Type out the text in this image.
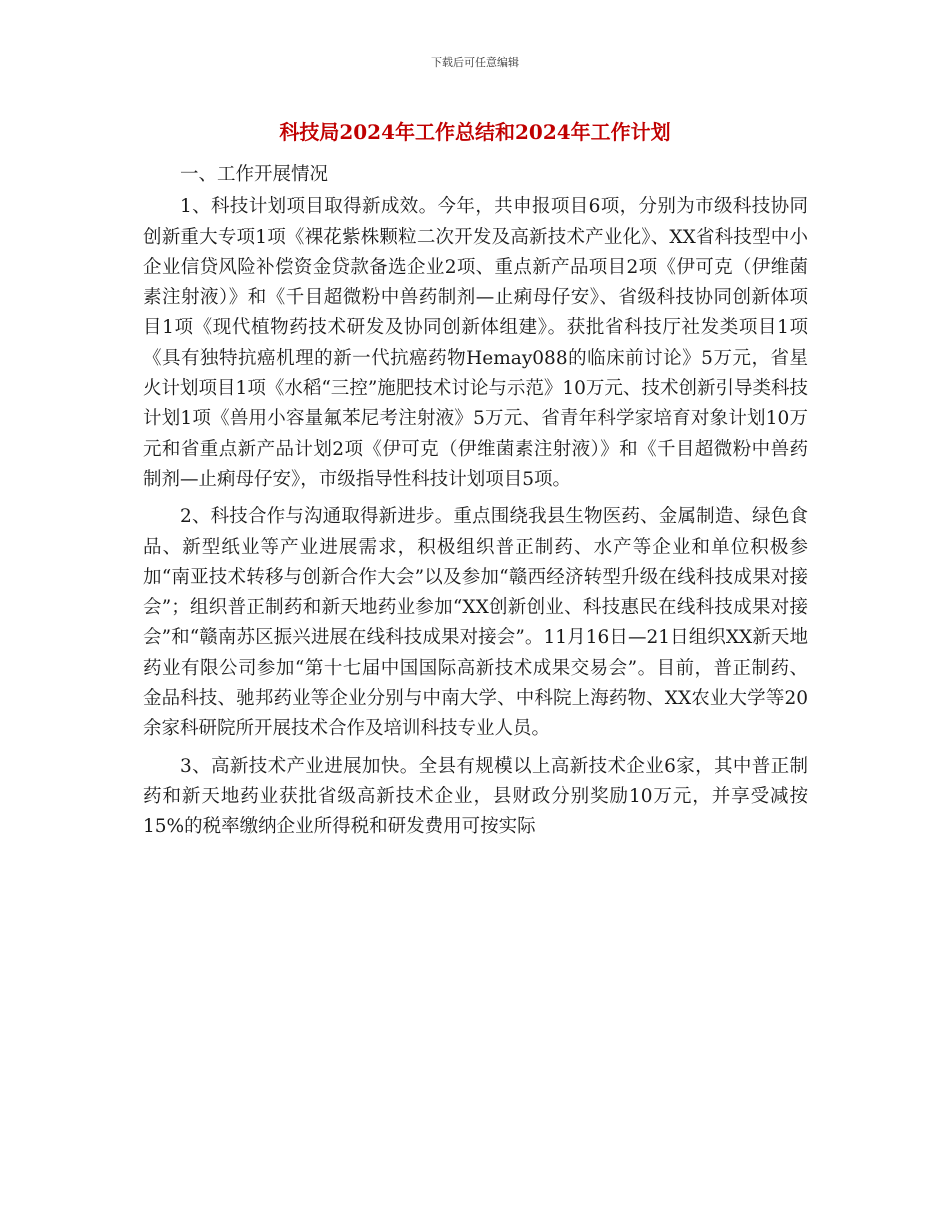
下载后可任意编辑
科技局2024年工作总结和2024年工作计划

一、工作开展情况

1、科技计划项目取得新成效。今年，共申报项目6项，分别为市级科技协同创新重大专项1项《裸花紫株颗粒二次开发及高新技术产业化》、XX省科技型中小企业信贷风险补偿资金贷款备选企业2项、重点新产品项目2项《伊可克（伊维菌素注射液）》和《千目超微粉中兽药制剂—止痢母仔安》、省级科技协同创新体项目1项《现代植物药技术研发及协同创新体组建》。获批省科技厅社发类项目1项《具有独特抗癌机理的新一代抗癌药物Hemay088的临床前讨论》5万元，省星火计划项目1项《水稻“三控”施肥技术讨论与示范》10万元、技术创新引导类科技计划1项《兽用小容量氟苯尼考注射液》5万元、省青年科学家培育对象计划10万元和省重点新产品计划2项《伊可克（伊维菌素注射液）》和《千目超微粉中兽药制剂—止痢母仔安》，市级指导性科技计划项目5项。

2、科技合作与沟通取得新进步。重点围绕我县生物医药、金属制造、绿色食品、新型纸业等产业进展需求，积极组织普正制药、水产等企业和单位积极参加“南亚技术转移与创新合作大会”以及参加“赣西经济转型升级在线科技成果对接会”；组织普正制药和新天地药业参加“XX创新创业、科技惠民在线科技成果对接会”和“赣南苏区振兴进展在线科技成果对接会”。11月16日—21日组织XX新天地药业有限公司参加“第十七届中国国际高新技术成果交易会”。目前，普正制药、金品科技、驰邦药业等企业分别与中南大学、中科院上海药物、XX农业大学等20余家科研院所开展技术合作及培训科技专业人员。

3、高新技术产业进展加快。全县有规模以上高新技术企业6家，其中普正制药和新天地药业获批省级高新技术企业，县财政分别奖励10万元，并享受减按15%的税率缴纳企业所得税和研发费用可按实际
